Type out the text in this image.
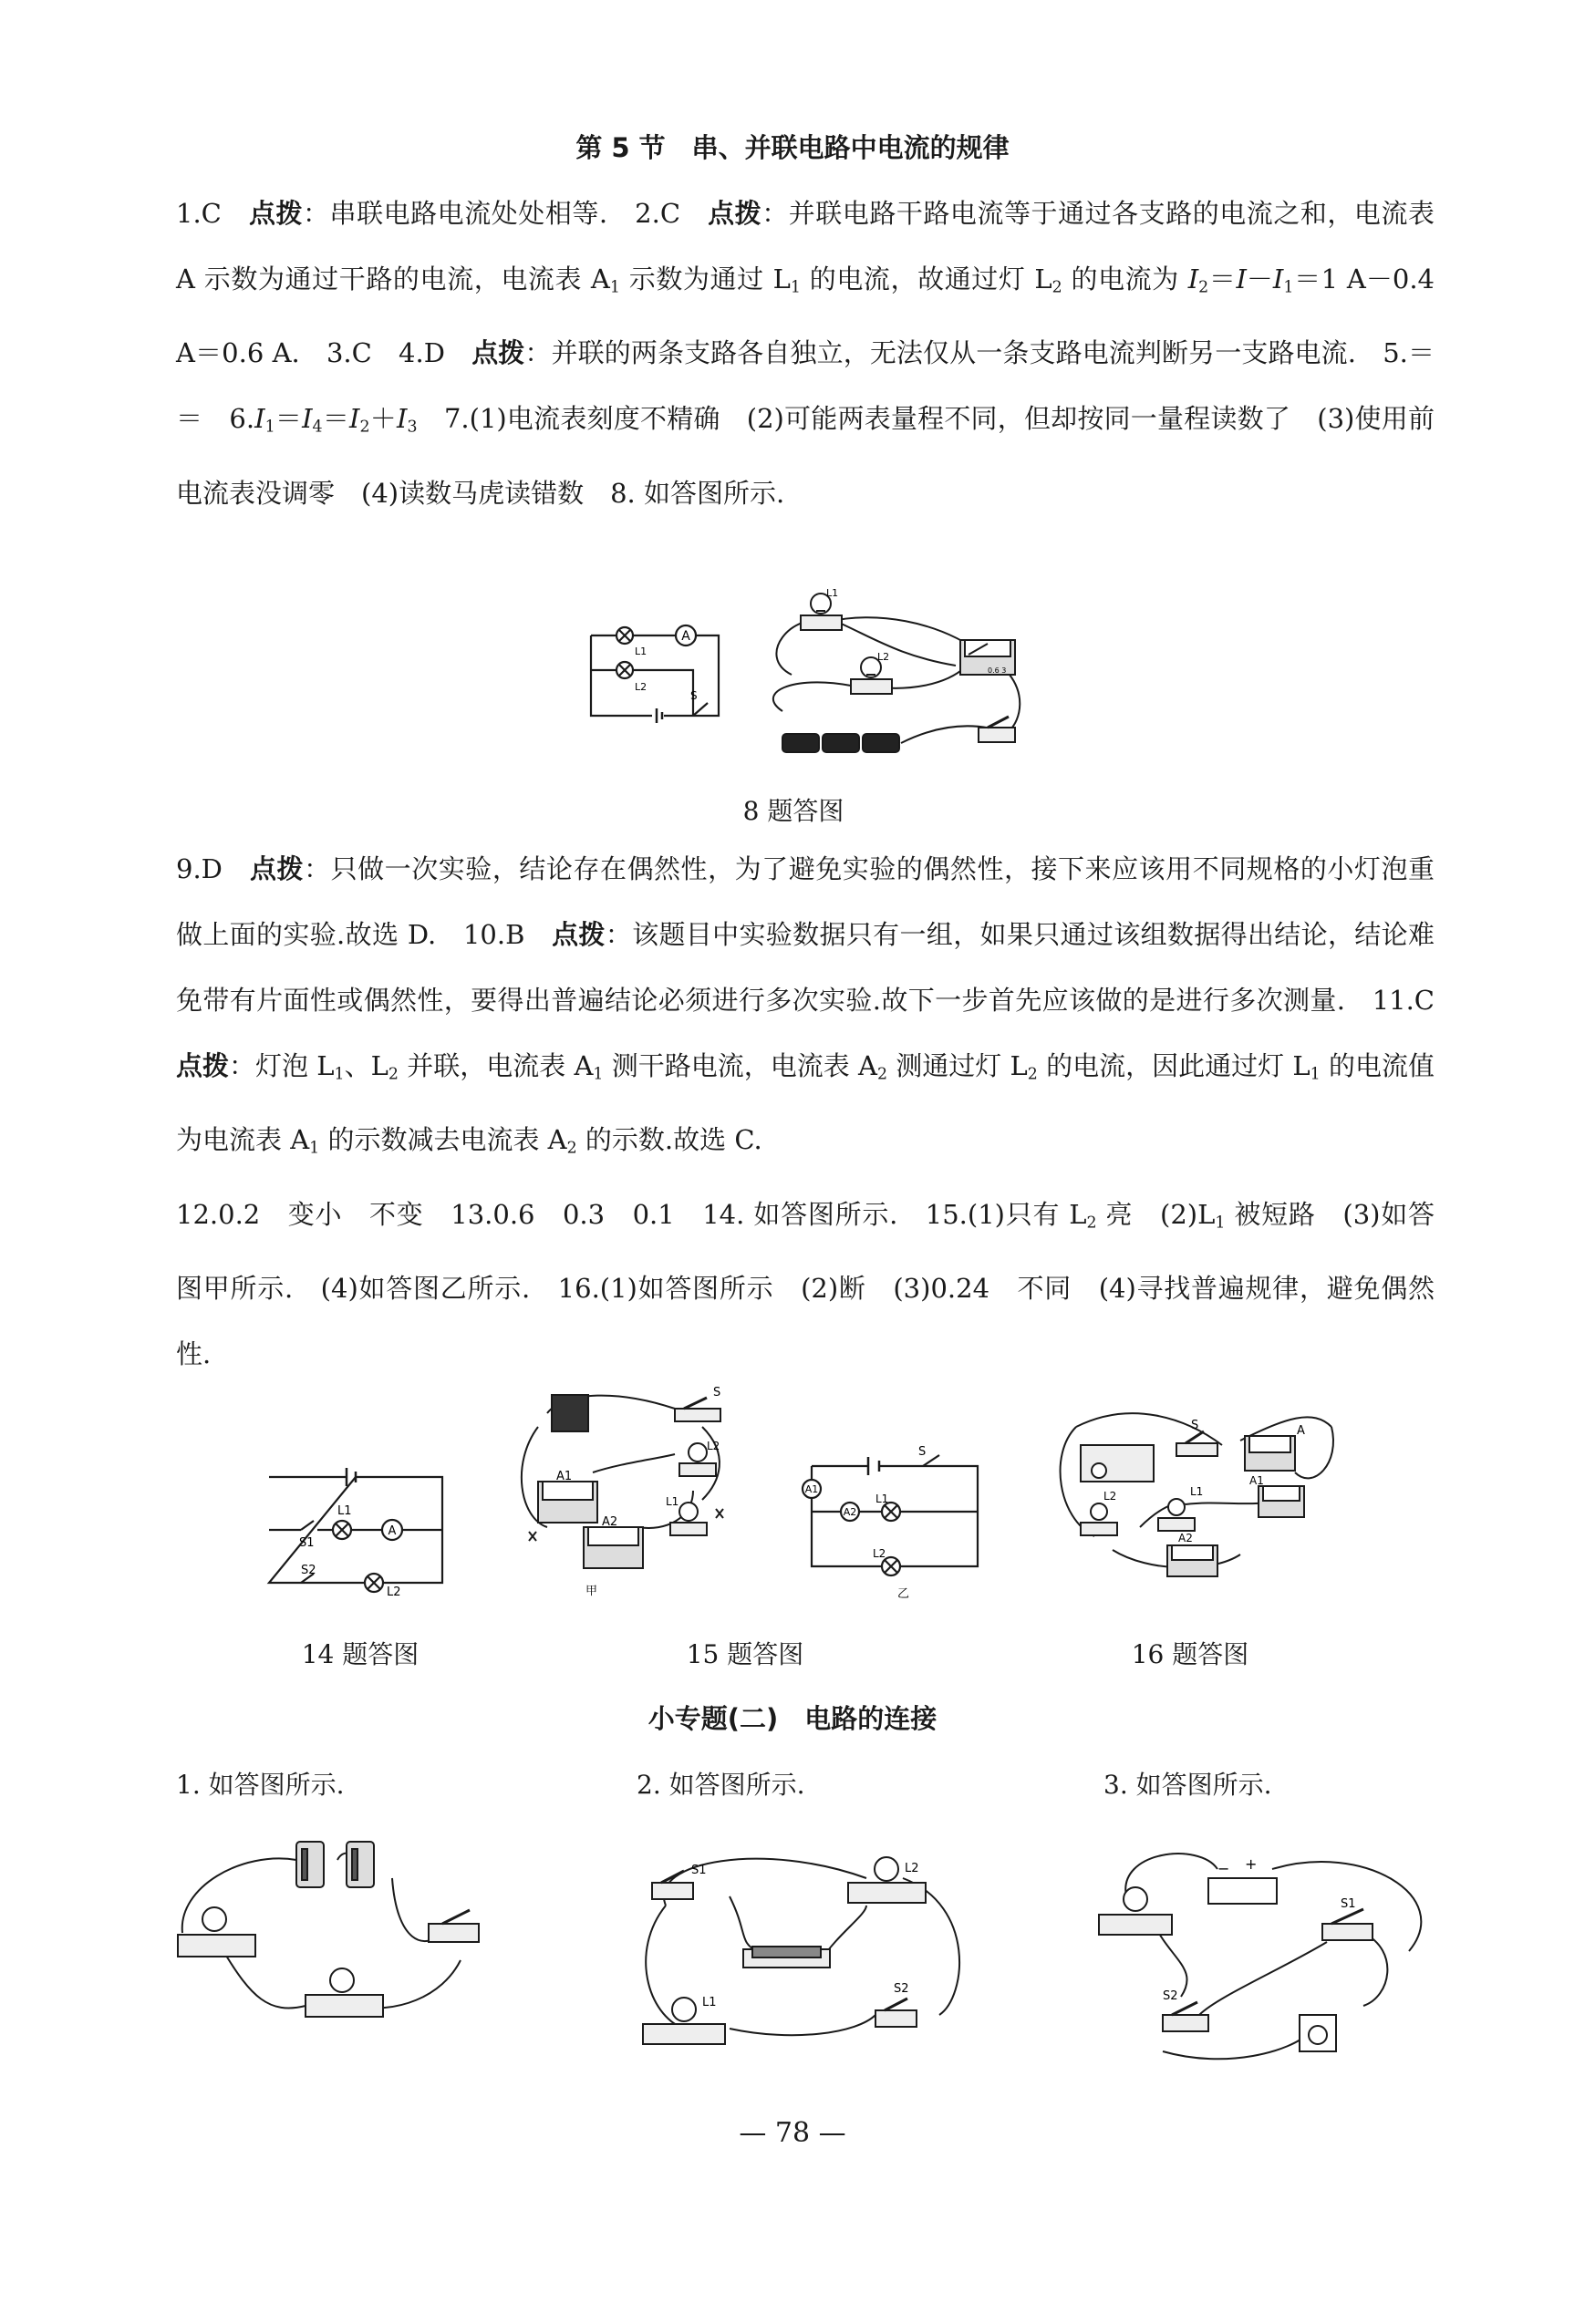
第 5 节　串、并联电路中电流的规律

1.C　点拨：串联电路电流处处相等.　2.C　点拨：并联电路干路电流等于通过各支路的电流之和，电流表 A 示数为通过干路的电流，电流表 $A_1$ 示数为通过 $L_1$ 的电流，故通过灯 $L_2$ 的电流为 $I_2=I-I_1=1$ A－0.4 A＝0.6 A.　3.C　4.D　点拨：并联的两条支路各自独立，无法仅从一条支路电流判断另一支路电流.　5.＝　＝　$6.I_1=I_4=I_2+I_3$　7.(1)电流表刻度不精确　(2)可能两表量程不同，但却按同一量程读数了　(3)使用前电流表没调零　(4)读数马虎读错数　8. 如答图所示.

A
L1
L2
S
L1
L2
0.6 3
8 题答图

9.D　点拨：只做一次实验，结论存在偶然性，为了避免实验的偶然性，接下来应该用不同规格的小灯泡重做上面的实验.故选 D.　10.B　点拨：该题目中实验数据只有一组，如果只通过该组数据得出结论，结论难免带有片面性或偶然性，要得出普遍结论必须进行多次实验.故下一步首先应该做的是进行多次测量.　11.C　点拨：灯泡 $L_1$、$L_2$ 并联，电流表 $A_1$ 测干路电流，电流表 $A_2$ 测通过灯 $L_2$ 的电流，因此通过灯 $L_1$ 的电流值为电流表 $A_1$ 的示数减去电流表 $A_2$ 的示数.故选 C.

12.0.2　变小　不变　13.0.6　0.3　0.1　14. 如答图所示.　15.(1)只有 $L_2$ 亮　$(2)L_1$ 被短路　(3)如答图甲所示.　(4)如答图乙所示.　16.(1)如答图所示　(2)断　(3)0.24　不同　(4)寻找普遍规律，避免偶然性.

L1
S1
A
S2
L2
14 题答图
A1
A2
L1
L2
S
甲
A1
A2
L1
L2
S
乙
15 题答图
S	A
A1
A2
L1
L2
16 题答图
小专题(二)　电路的连接
1. 如答图所示.	2. 如答图所示.	3. 如答图所示.
S1	L2
L1
S2
− +
S1
S2
— 78 —
